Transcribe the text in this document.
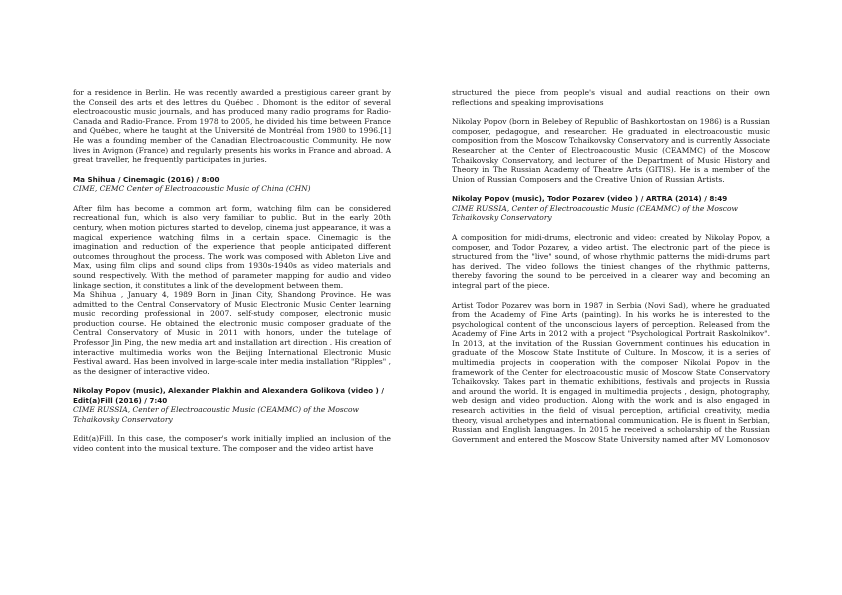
for a residence in Berlin. He was recently awarded a prestigious career grant by the Conseil des arts et des lettres du Québec . Dhomont is the editor of several electroacoustic music journals, and has produced many radio programs for Radio-Canada and Radio-France. From 1978 to 2005, he divided his time between France and Québec, where he taught at the Université de Montréal from 1980 to 1996.[1] He was a founding member of the Canadian Electroacoustic Community. He now lives in Avignon (France) and regularly presents his works in France and abroad. A great traveller, he frequently participates in juries.

Ma Shihua / Cinemagic (2016) / 8:00

CIME, CEMC Center of Electroacoustic Music of China (CHN)

After film has become a common art form, watching film can be considered recreational fun, which is also very familiar to public. But in the early 20th century, when motion pictures started to develop, cinema just appearance, it was a magical experience watching films in a certain space. Cinemagic is the imagination and reduction of the experience that people anticipated different outcomes throughout the process. The work was composed with Ableton Live and Max, using film clips and sound clips from 1930s-1940s as video materials and sound respectively. With the method of parameter mapping for audio and video linkage section, it constitutes a link of the development between them.

Ma Shihua , January 4, 1989 Born in Jinan City, Shandong Province. He was admitted to the Central Conservatory of Music Electronic Music Center learning music recording professional in 2007. self-study composer, electronic music production course. He obtained the electronic music composer graduate of the Central Conservatory of Music in 2011 with honors, under the tutelage of Professor Jin Ping, the new media art and installation art direction . His creation of interactive multimedia works won the Beijing International Electronic Music Festival award. Has been involved in large-scale inter media installation "Ripples" , as the designer of interactive video.

Nikolay Popov (music), Alexander Plakhin and Alexandera Golikova (video ) /

Edit(a)Fill (2016) / 7:40

CIME RUSSIA, Center of Electroacoustic Music (CEAMMC) of the Moscow Tchaikovsky Conservatory

Edit(a)Fill. In this case, the composer's work initially implied an inclusion of the video content into the musical texture. The composer and the video artist have

structured the piece from people's visual and audial reactions on their own reflections and speaking improvisations

Nikolay Popov (born in Belebey of Republic of Bashkortostan on 1986) is a Russian composer, pedagogue, and researcher. He graduated in electroacoustic music composition from the Moscow Tchaikovsky Conservatory and is currently Associate Researcher at the Center of Electroacoustic Music (CEAMMC) of the Moscow Tchaikovsky Conservatory, and lecturer of the Department of Music History and Theory in The Russian Academy of Theatre Arts (GITIS). He is a member of the Union of Russian Composers and the Creative Union of Russian Artists.

Nikolay Popov (music), Todor Pozarev (video ) / ARTRA (2014) / 8:49

CIME RUSSIA, Center of Electroacoustic Music (CEAMMC) of the Moscow Tchaikovsky Conservatory

A composition for midi-drums, electronic and video: created by Nikolay Popov, a composer, and Todor Pozarev, a video artist. The electronic part of the piece is structured from the "live" sound, of whose rhythmic patterns the midi-drums part has derived. The video follows the tiniest changes of the rhythmic patterns, thereby favoring the sound to be perceived in a clearer way and becoming an integral part of the piece.

Artist Todor Pozarev was born in 1987 in Serbia (Novi Sad), where he graduated from the Academy of Fine Arts (painting). In his works he is interested to the psychological content of the unconscious layers of perception. Released from the Academy of Fine Arts in 2012 with a project "Psychological Portrait Raskolnikov". In 2013, at the invitation of the Russian Government continues his education in graduate of the Moscow State Institute of Culture. In Moscow, it is a series of multimedia projects in cooperation with the composer Nikolai Popov in the framework of the Center for electroacoustic music of Moscow State Conservatory Tchaikovsky. Takes part in thematic exhibitions, festivals and projects in Russia and around the world. It is engaged in multimedia projects , design, photography, web design and video production. Along with the work and is also engaged in research activities in the field of visual perception, artificial creativity, media theory, visual archetypes and international communication. He is fluent in Serbian, Russian and English languages. In 2015 he received a scholarship of the Russian Government and entered the Moscow State University named after MV Lomonosov
